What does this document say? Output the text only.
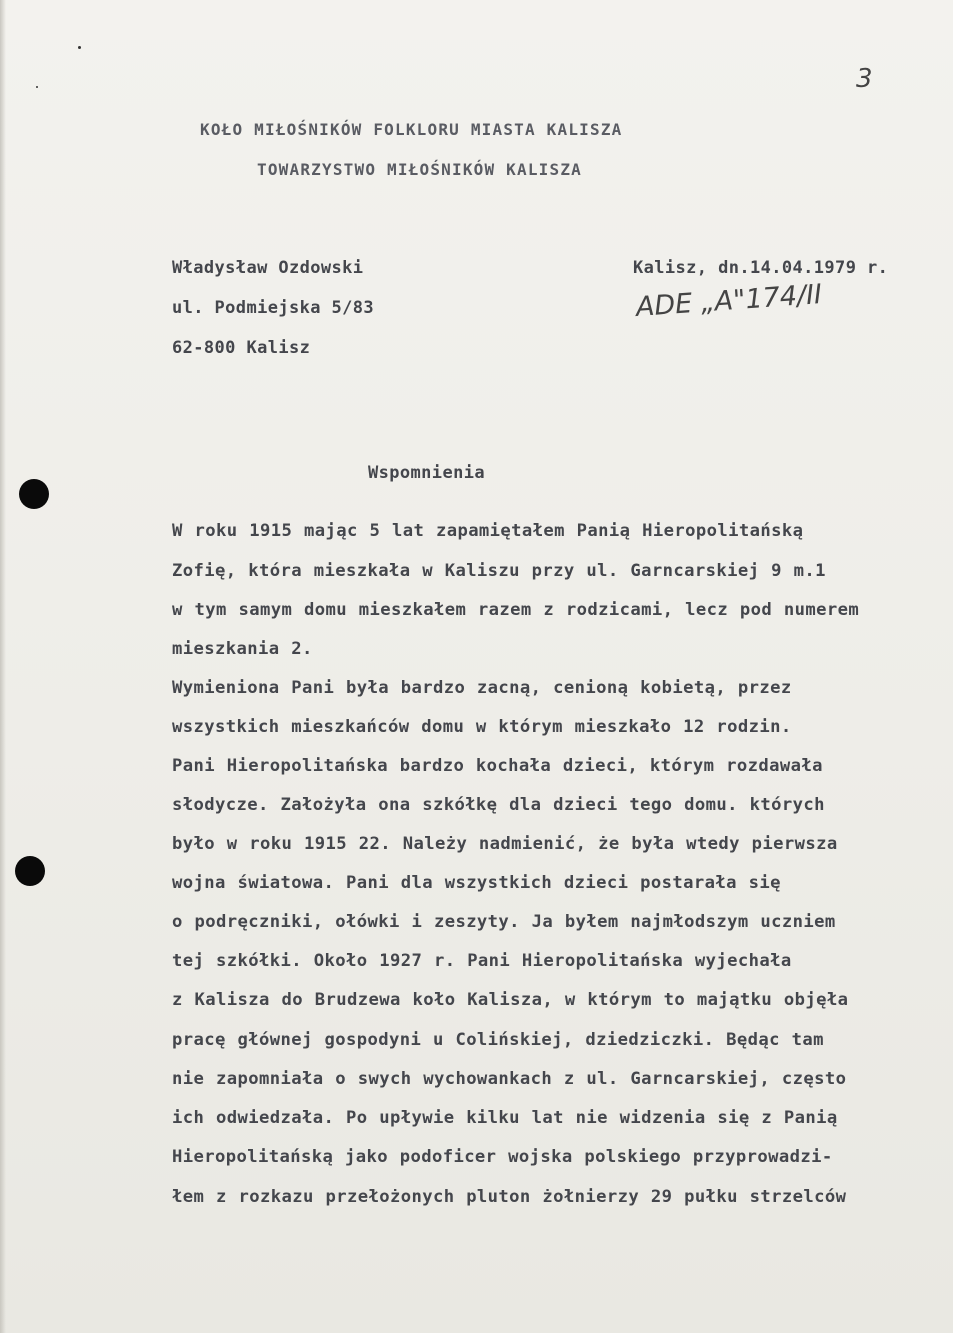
3
KOŁO MIŁOŚNIKÓW FOLKLORU MIASTA KALISZA
TOWARZYSTWO MIŁOŚNIKÓW KALISZA
Władysław Ozdowski
ul. Podmiejska 5/83
62-800 Kalisz
Kalisz, dn.14.04.1979 r.
ADE „A"174/II
Wspomnienia
W roku 1915 mając 5 lat zapamiętałem Panią Hieropolitańską
Zofię, która mieszkała w Kaliszu przy ul. Garncarskiej 9 m.1
w tym samym domu mieszkałem razem z rodzicami, lecz pod numerem
mieszkania 2.
Wymieniona Pani była bardzo zacną, cenioną kobietą, przez
wszystkich mieszkańców domu w którym mieszkało 12 rodzin.
Pani Hieropolitańska bardzo kochała dzieci, którym rozdawała
słodycze. Założyła ona szkółkę dla dzieci tego domu. których
było w roku 1915 22. Należy nadmienić, że była wtedy pierwsza
wojna światowa. Pani dla wszystkich dzieci postarała się
o podręczniki, ołówki i zeszyty. Ja byłem najmłodszym uczniem
tej szkółki. Około 1927 r. Pani Hieropolitańska wyjechała
z Kalisza do Brudzewa koło Kalisza, w którym to majątku objęła
pracę głównej gospodyni u Colińskiej, dziedziczki. Będąc tam
nie zapomniała o swych wychowankach z ul. Garncarskiej, często
ich odwiedzała. Po upływie kilku lat nie widzenia się z Panią
Hieropolitańską jako podoficer wojska polskiego przyprowadzi-
łem z rozkazu przełożonych pluton żołnierzy 29 pułku strzelców
